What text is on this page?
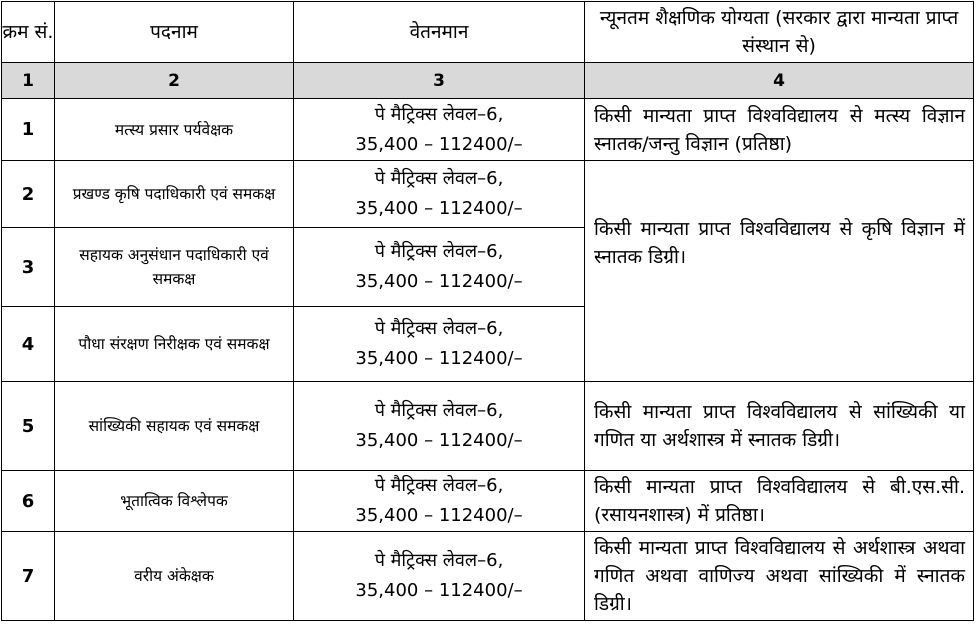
क्रम सं.	पदनाम	वेतनमान	न्यूनतम शैक्षणिक योग्यता (सरकार द्वारा मान्यता प्राप्त संस्थान से)
1	2	3	4
1	मत्स्य प्रसार पर्यवेक्षक	पे मैट्रिक्स लेवल–6,
35,400 – 112400/–	किसी मान्यता प्राप्त विश्वविद्यालय से मत्स्य विज्ञान स्नातक/जन्तु विज्ञान (प्रतिष्ठा)
2	प्रखण्ड कृषि पदाधिकारी एवं समकक्ष	पे मैट्रिक्स लेवल–6,
35,400 – 112400/–	किसी मान्यता प्राप्त विश्वविद्यालय से कृषि विज्ञान में स्नातक डिग्री।
3	सहायक अनुसंधान पदाधिकारी एवं समकक्ष	पे मैट्रिक्स लेवल–6,
35,400 – 112400/–	

4	पौधा संरक्षण निरीक्षक एवं समकक्ष	पे मैट्रिक्स लेवल–6,
35,400 – 112400/–	

5	सांख्यिकी सहायक एवं समकक्ष	पे मैट्रिक्स लेवल–6,
35,400 – 112400/–	किसी मान्यता प्राप्त विश्वविद्यालय से सांख्यिकी या गणित या अर्थशास्त्र में स्नातक डिग्री।
6	भूतात्विक विश्लेपक	पे मैट्रिक्स लेवल–6,
35,400 – 112400/–	किसी मान्यता प्राप्त विश्वविद्यालय से बी.एस.सी. (रसायनशास्त्र) में प्रतिष्ठा।
7	वरीय अंकेक्षक	पे मैट्रिक्स लेवल–6,
35,400 – 112400/–	किसी मान्यता प्राप्त विश्वविद्यालय से अर्थशास्त्र अथवा गणित अथवा वाणिज्य अथवा सांख्यिकी में स्नातक डिग्री।
